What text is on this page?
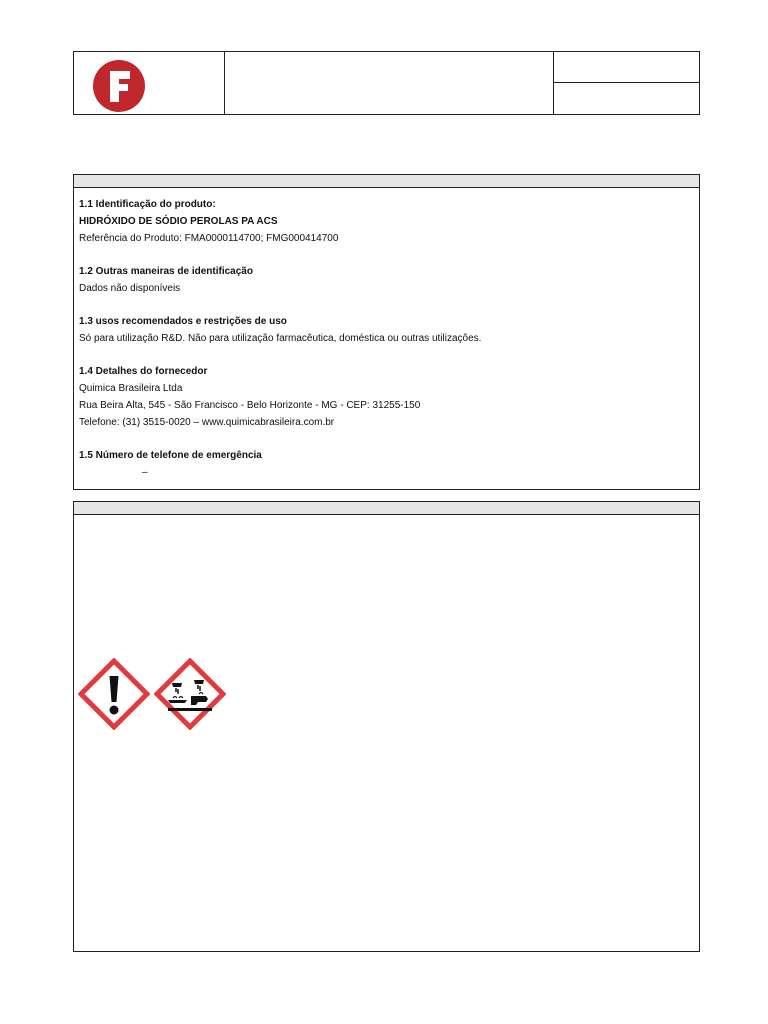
1.1 Identificação do produto:
HIDRÓXIDO DE SÓDIO PEROLAS PA ACS
Referência do Produto: FMA0000114700; FMG000414700
1.2 Outras maneiras de identificação
Dados não disponíveis
1.3 usos recomendados e restrições de uso
Só para utilização R&D. Não para utilização farmacêutica, doméstica ou outras utilizações.
1.4 Detalhes do fornecedor
Quimica Brasileira Ltda
Rua Beira Alta, 545 - São Francisco - Belo Horizonte - MG - CEP: 31255-150
Telefone: (31) 3515-0020 – www.quimicabrasileira.com.br
1.5 Número de telefone de emergência
–
